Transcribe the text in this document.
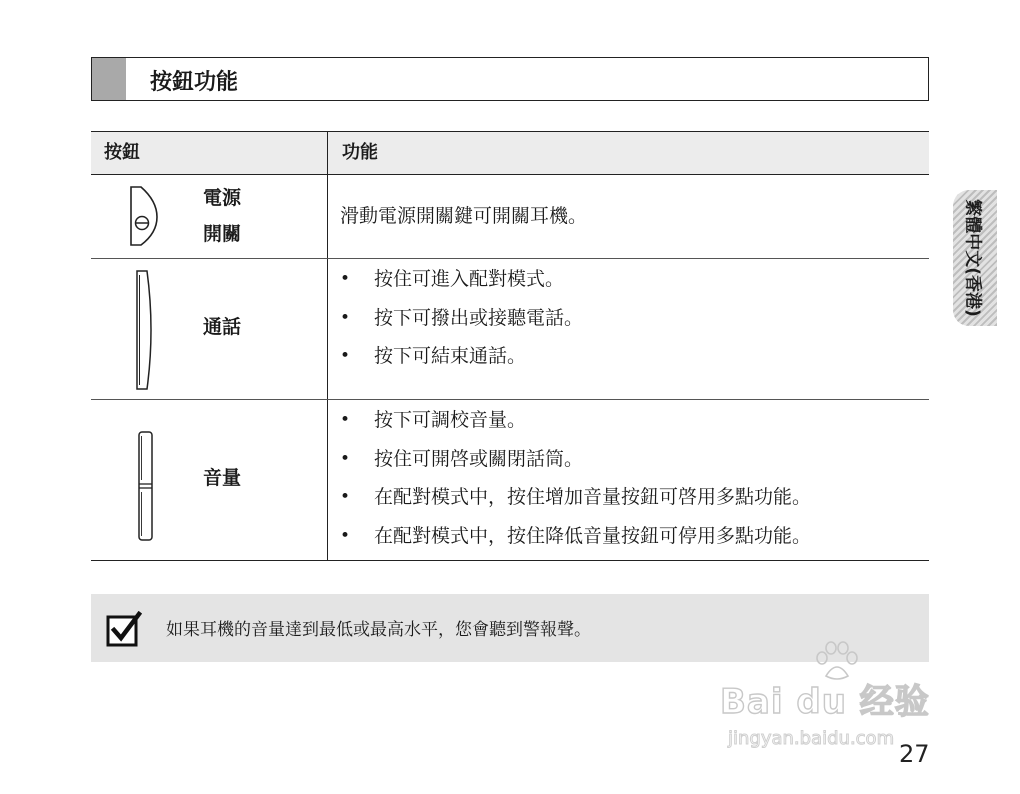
按鈕功能
按鈕	功能
電源
開關
滑動電源開關鍵可開關耳機。
通話
• 按住可進入配對模式。
• 按下可撥出或接聽電話。
• 按下可結束通話。
音量
• 按下可調校音量。
• 按住可開啓或關閉話筒。
• 在配對模式中，按住增加音量按鈕可啓用多點功能。
• 在配對模式中，按住降低音量按鈕可停用多點功能。
繁體中文(香港)
如果耳機的音量達到最低或最高水平，您會聽到警報聲。
Bai du 经验
jingyan.baidu.com
27
